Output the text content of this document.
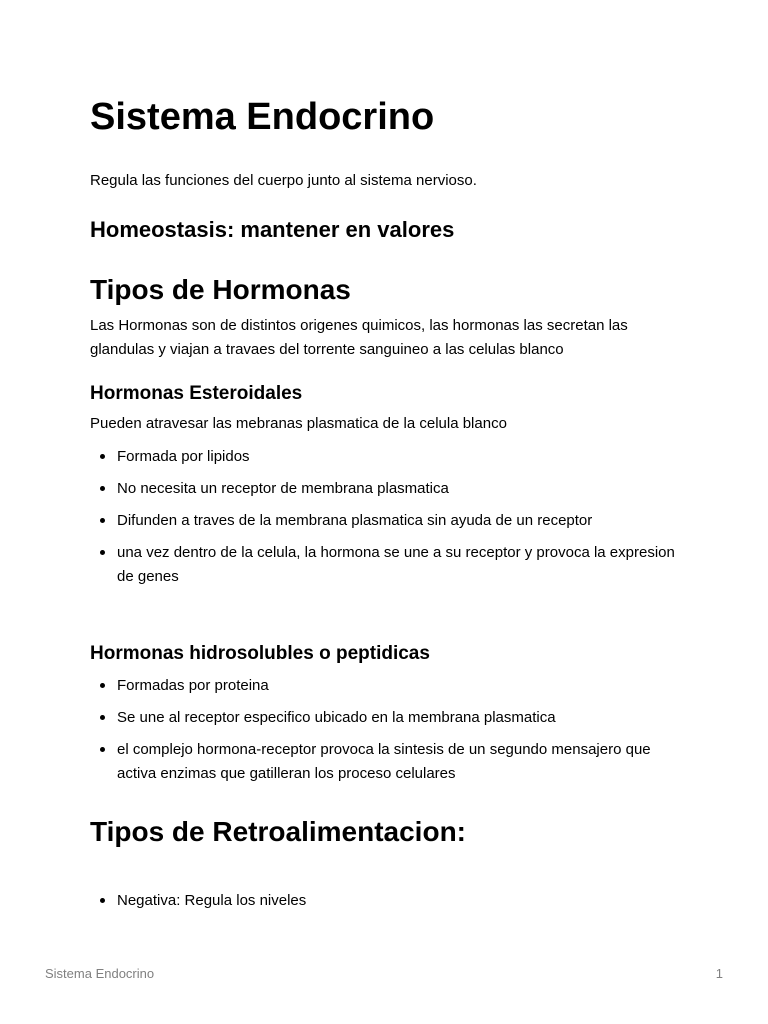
Sistema Endocrino

Regula las funciones del cuerpo junto al sistema nervioso.

Homeostasis: mantener en valores
Tipos de Hormonas

Las Hormonas son de distintos origenes quimicos, las hormonas las secretan las glandulas y viajan a travaes del torrente sanguineo a las celulas blanco

Hormonas Esteroidales

Pueden atravesar las mebranas plasmatica de la celula blanco

Formada por lipidos
No necesita un receptor de membrana plasmatica
Difunden a traves de la membrana plasmatica sin ayuda de un receptor
una vez dentro de la celula, la hormona se une a su receptor y provoca la expresion de genes
Hormonas hidrosolubles o peptidicas
Formadas por proteina
Se une al receptor especifico ubicado en la membrana plasmatica
el complejo hormona-receptor provoca la sintesis de un segundo mensajero que activa enzimas que gatilleran los proceso celulares
Tipos de Retroalimentacion:
Negativa: Regula los niveles
Sistema Endocrino	1
